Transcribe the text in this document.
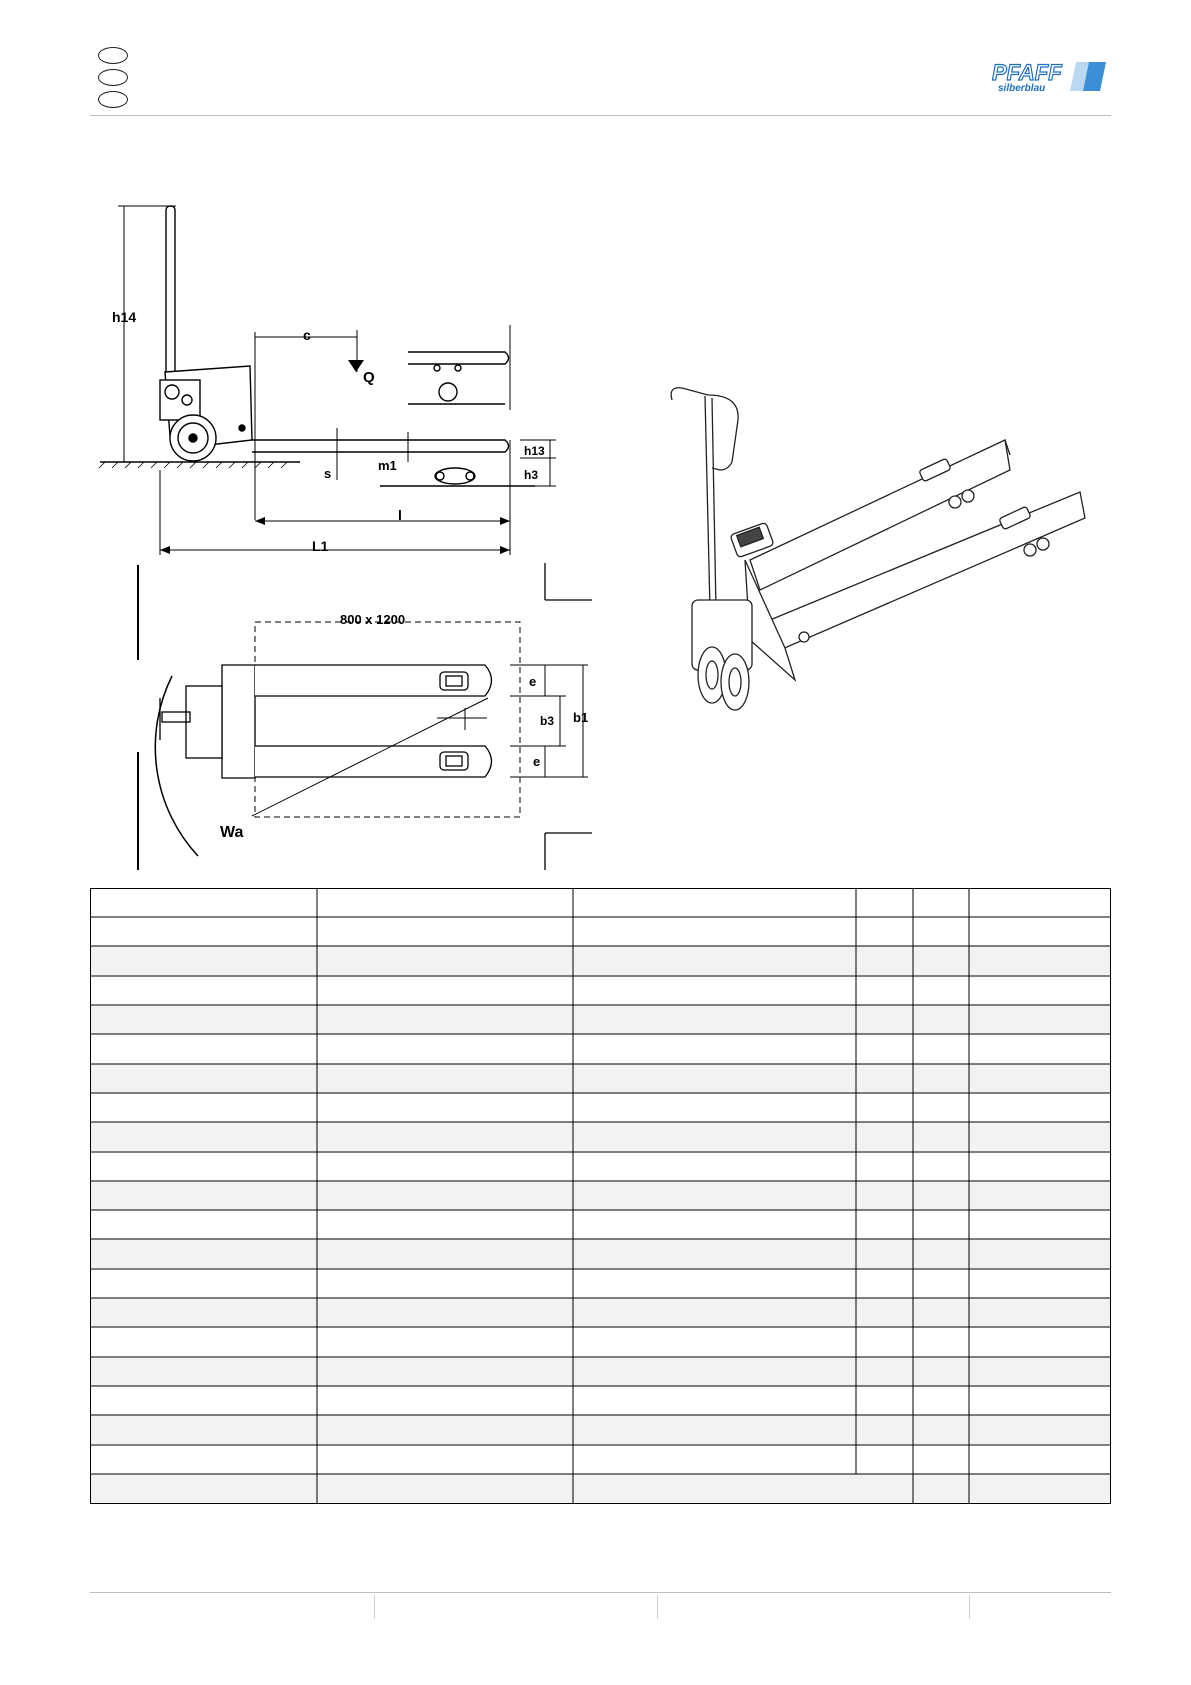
PFAFF
silberblau
h14
c
Q
s
m1
h13
h3
l
L1
800 x 1200
e
b3 b1
e
Wa
